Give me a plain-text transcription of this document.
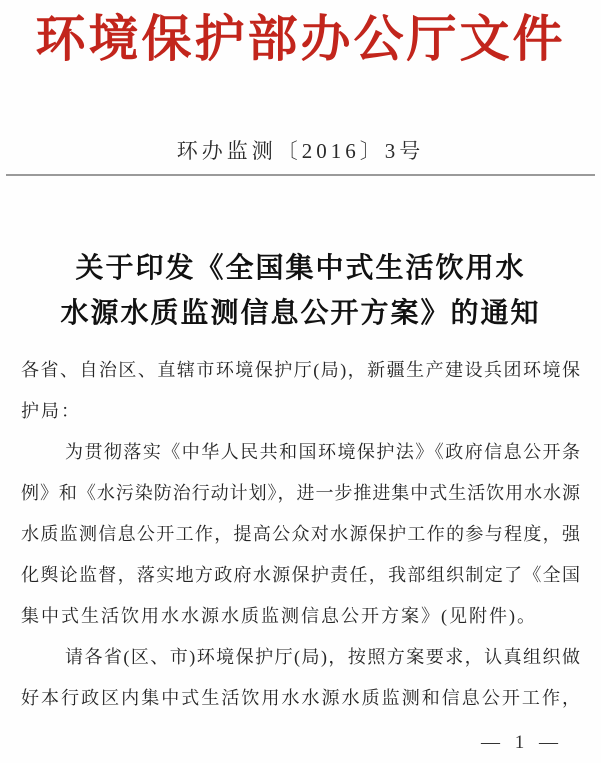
环境保护部办公厅文件
环办监测〔2016〕3号
关于印发《全国集中式生活饮用水
水源水质监测信息公开方案》的通知
各省、自治区、直辖市环境保护厅(局)，新疆生产建设兵团环境保
护局：
为贯彻落实《中华人民共和国环境保护法》《政府信息公开条
例》和《水污染防治行动计划》，进一步推进集中式生活饮用水水源
水质监测信息公开工作，提高公众对水源保护工作的参与程度，强
化舆论监督，落实地方政府水源保护责任，我部组织制定了《全国
集中式生活饮用水水源水质监测信息公开方案》(见附件)。
请各省(区、市)环境保护厅(局)，按照方案要求，认真组织做
好本行政区内集中式生活饮用水水源水质监测和信息公开工作，
— 1 —
